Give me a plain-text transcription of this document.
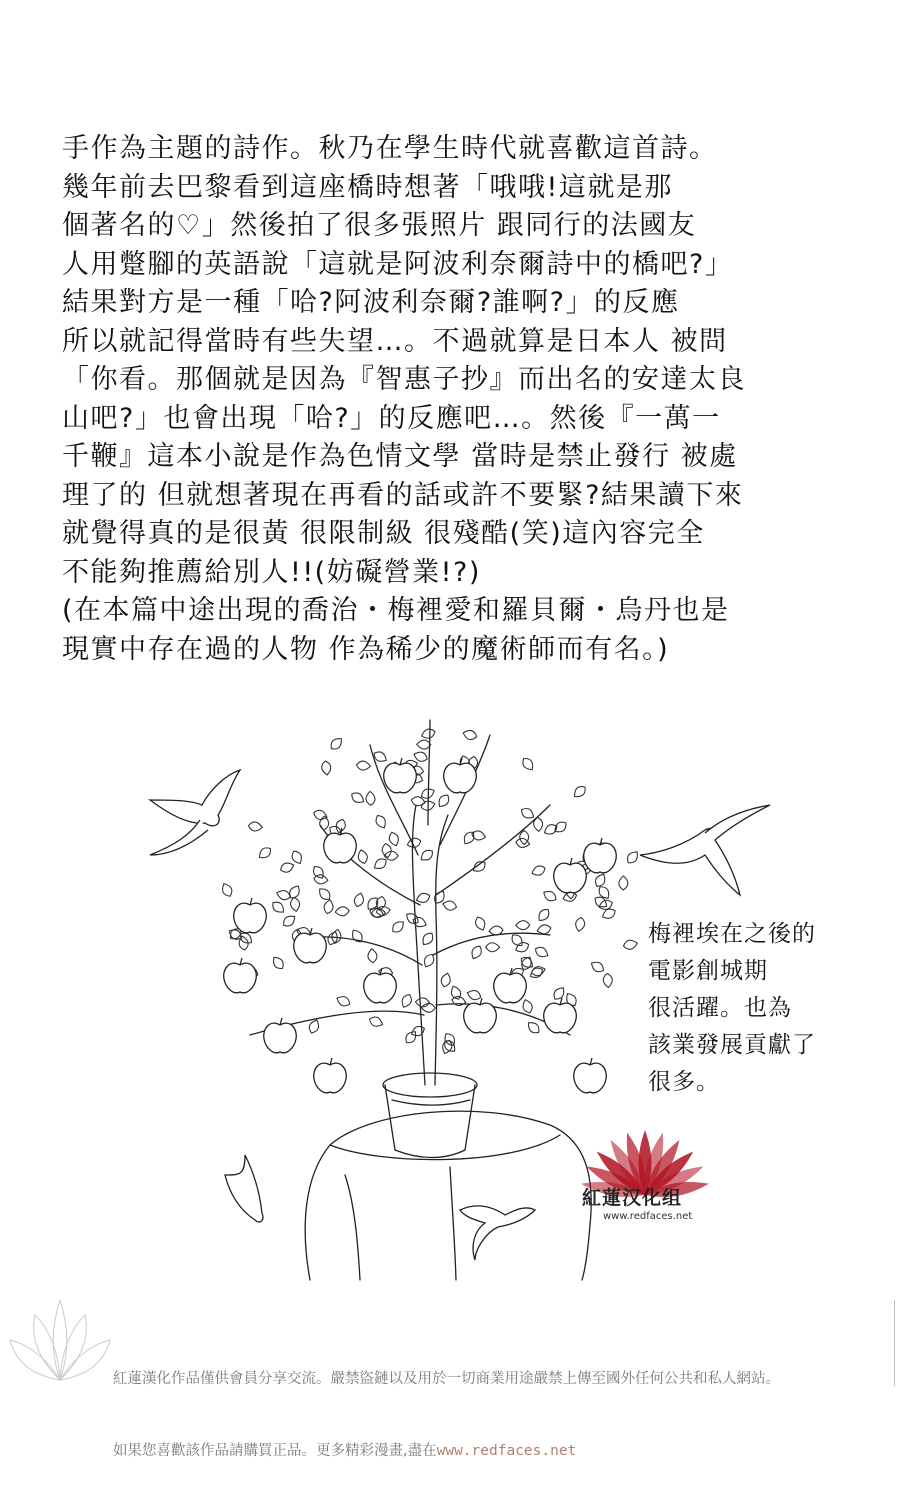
手作為主題的詩作。秋乃在學生時代就喜歡這首詩。
幾年前去巴黎看到這座橋時想著「哦哦!這就是那
個著名的♡」然後拍了很多張照片 跟同行的法國友
人用蹩腳的英語說「這就是阿波利奈爾詩中的橋吧?」
結果對方是一種「哈?阿波利奈爾?誰啊?」的反應
所以就記得當時有些失望…。不過就算是日本人 被問
「你看。那個就是因為『智惠子抄』而出名的安達太良
山吧?」也會出現「哈?」的反應吧…。然後『一萬一
千鞭』這本小說是作為色情文學 當時是禁止發行 被處
理了的 但就想著現在再看的話或許不要緊?結果讀下來
就覺得真的是很黃 很限制級 很殘酷(笑)這內容完全
不能夠推薦給別人!!(妨礙營業!?)
(在本篇中途出現的喬治・梅裡愛和羅貝爾・烏丹也是
現實中存在過的人物 作為稀少的魔術師而有名。)
梅裡埃在之後的
電影創城期
很活躍。也為
該業發展貢獻了
很多。
紅蓮汉化组
www.redfaces.net

紅蓮漢化作品僅供會員分享交流。嚴禁盜鏈以及用於一切商業用途嚴禁上傳至國外任何公共和私人網站。

如果您喜歡該作品請購買正品。更多精彩漫畫,盡在www.redfaces.net
